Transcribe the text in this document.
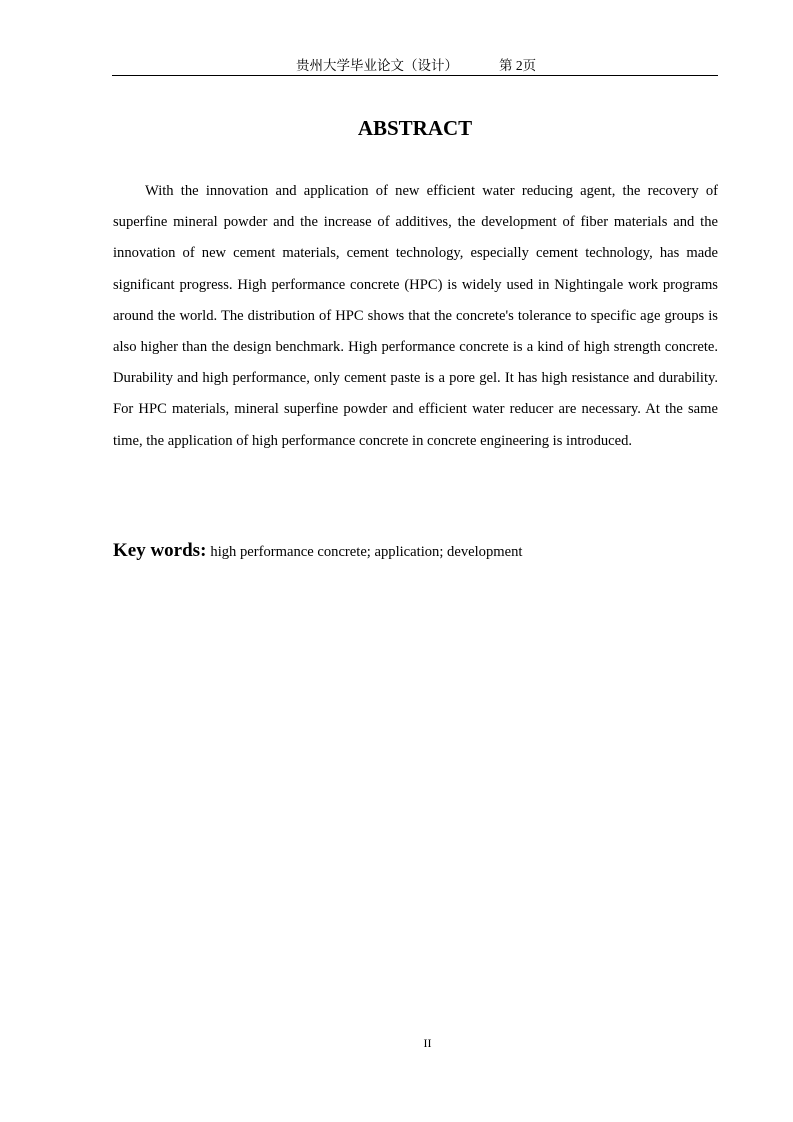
贵州大学毕业论文（设计）	第 2页
ABSTRACT

With the innovation and application of new efficient water reducing agent, the recovery of superfine mineral powder and the increase of additives, the development of fiber materials and the innovation of new cement materials, cement technology, especially cement technology, has made significant progress. High performance concrete (HPC) is widely used in Nightingale work programs around the world. The distribution of HPC shows that the concrete's tolerance to specific age groups is also higher than the design benchmark. High performance concrete is a kind of high strength concrete. Durability and high performance, only cement paste is a pore gel. It has high resistance and durability. For HPC materials, mineral superfine powder and efficient water reducer are necessary. At the same time, the application of high performance concrete in concrete engineering is introduced.

Key words: high performance concrete; application; development
II
